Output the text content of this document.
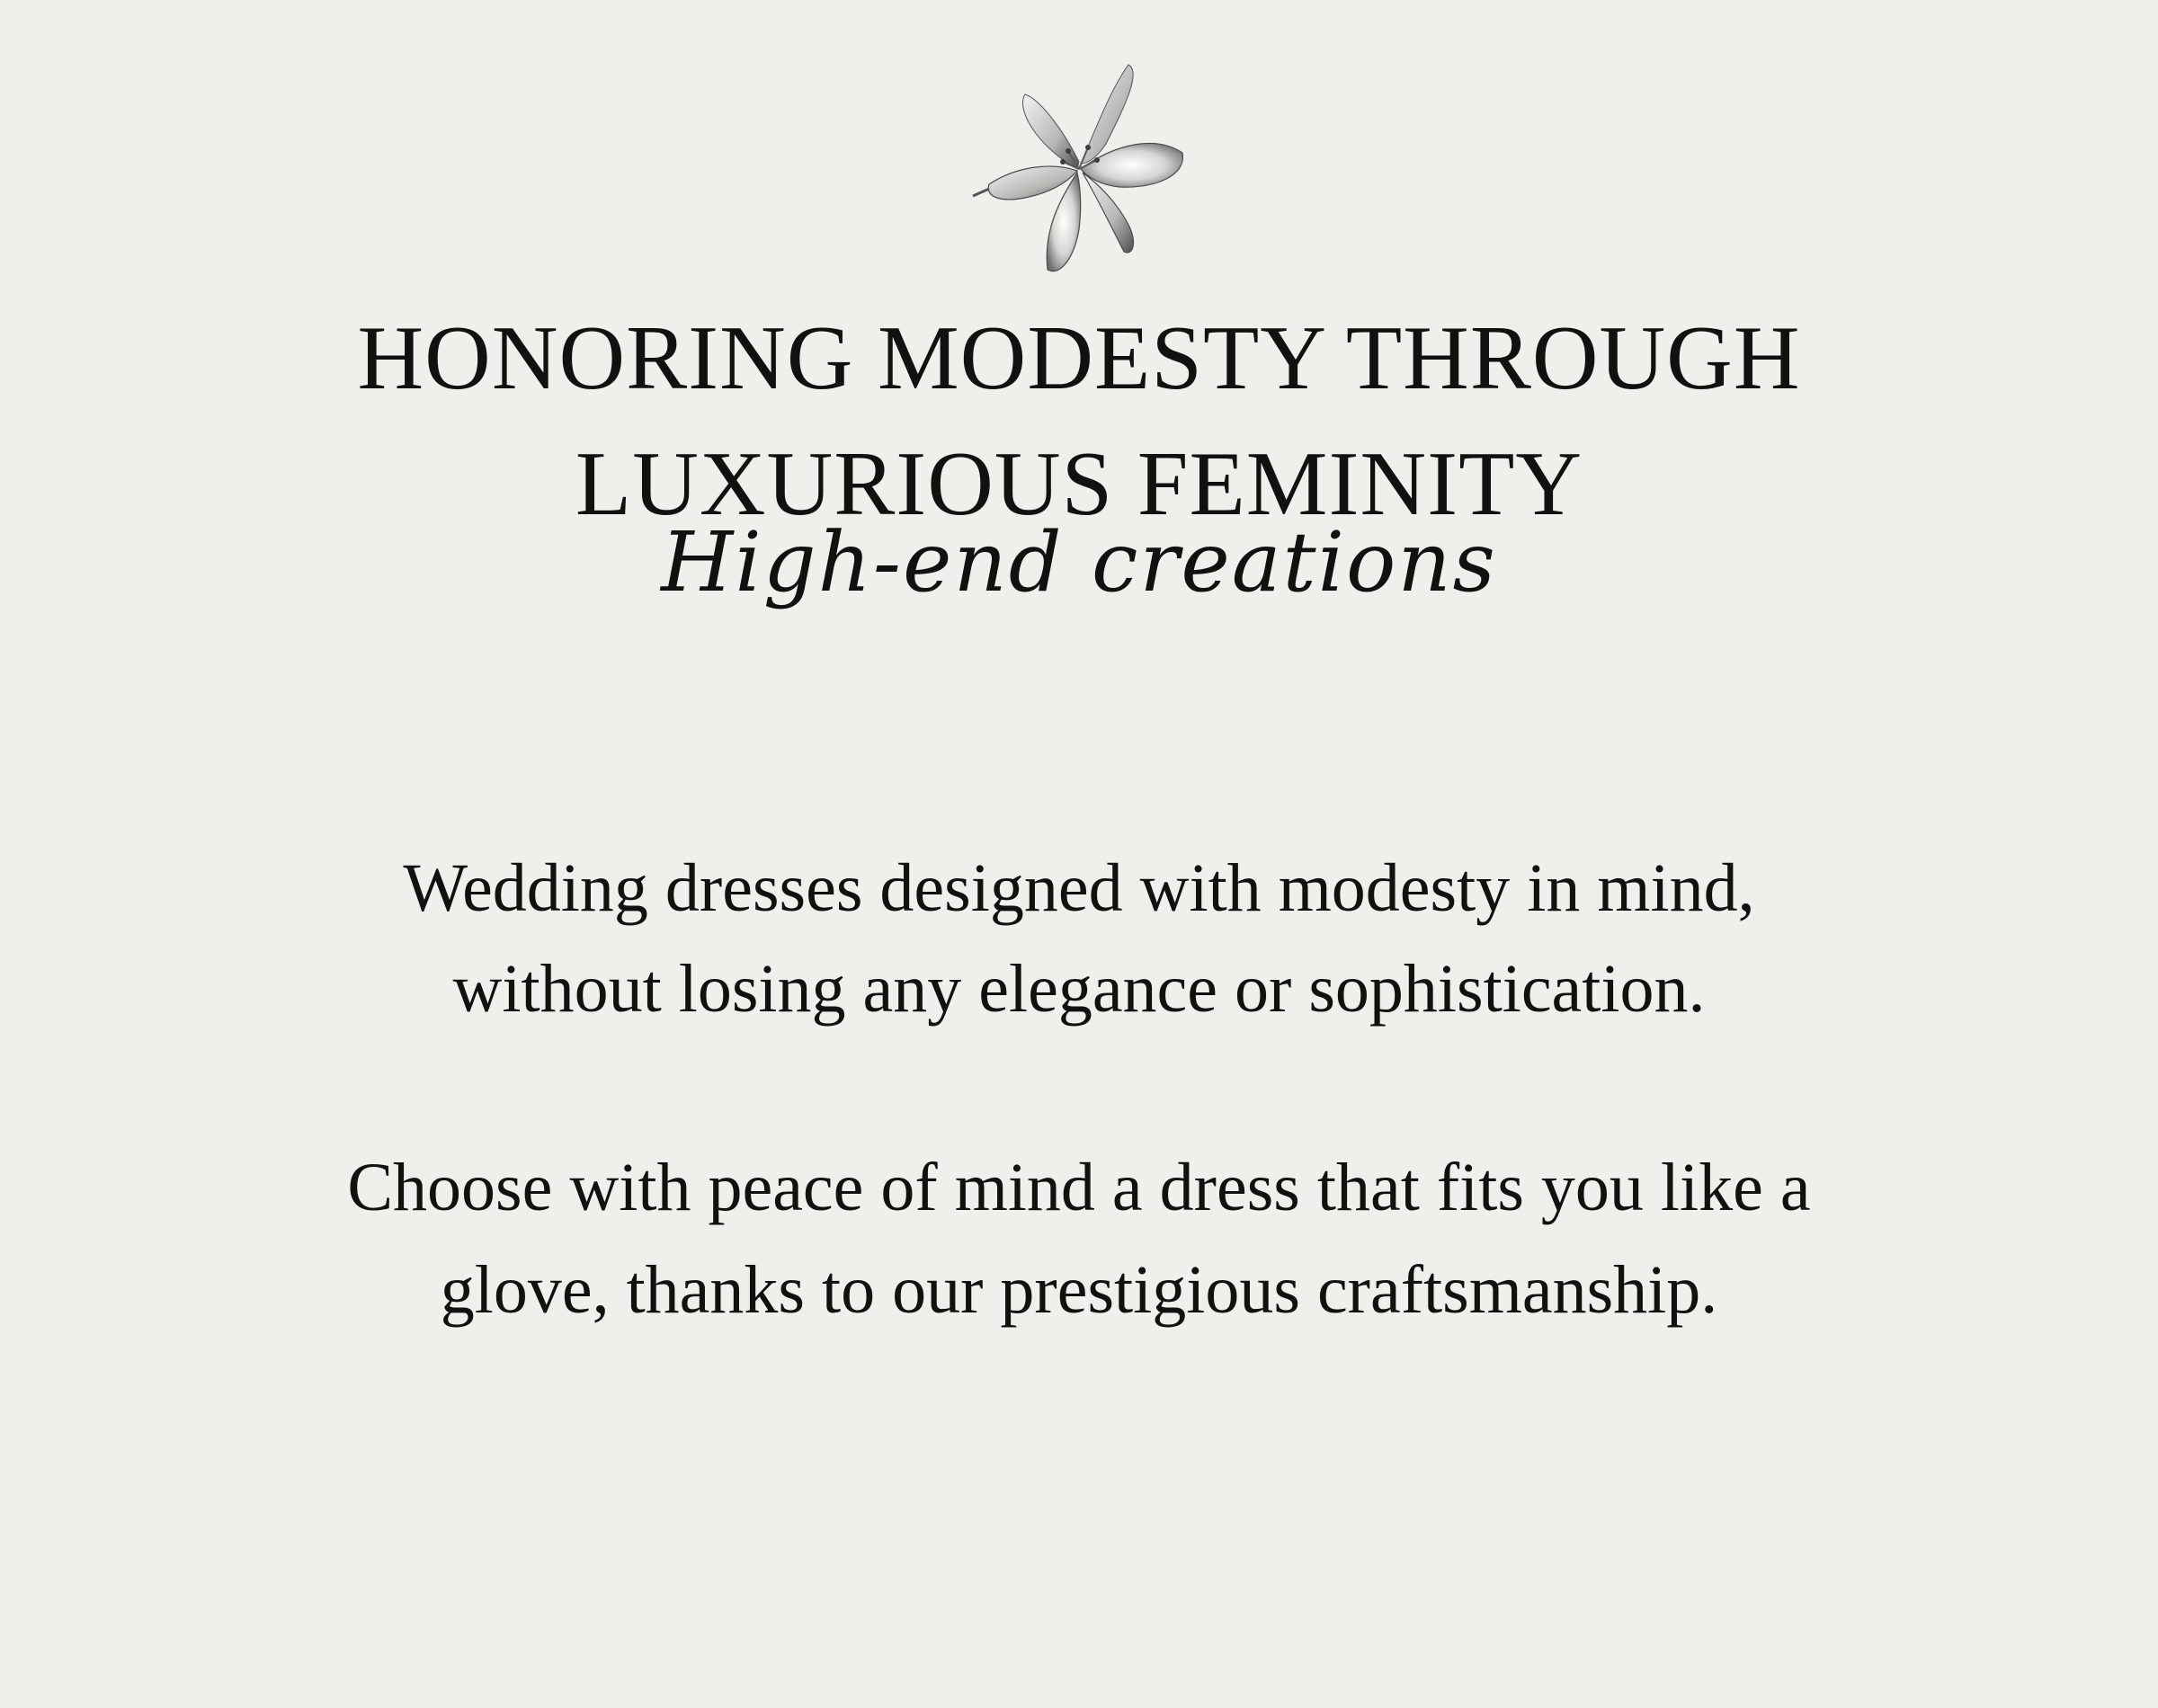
HONORING MODESTY THROUGH
LUXURIOUS FEMINITY
High-end creations

Wedding dresses designed with modesty in mind,

without losing any elegance or sophistication.

Choose with peace of mind a dress that fits you like a

glove, thanks to our prestigious craftsmanship.
